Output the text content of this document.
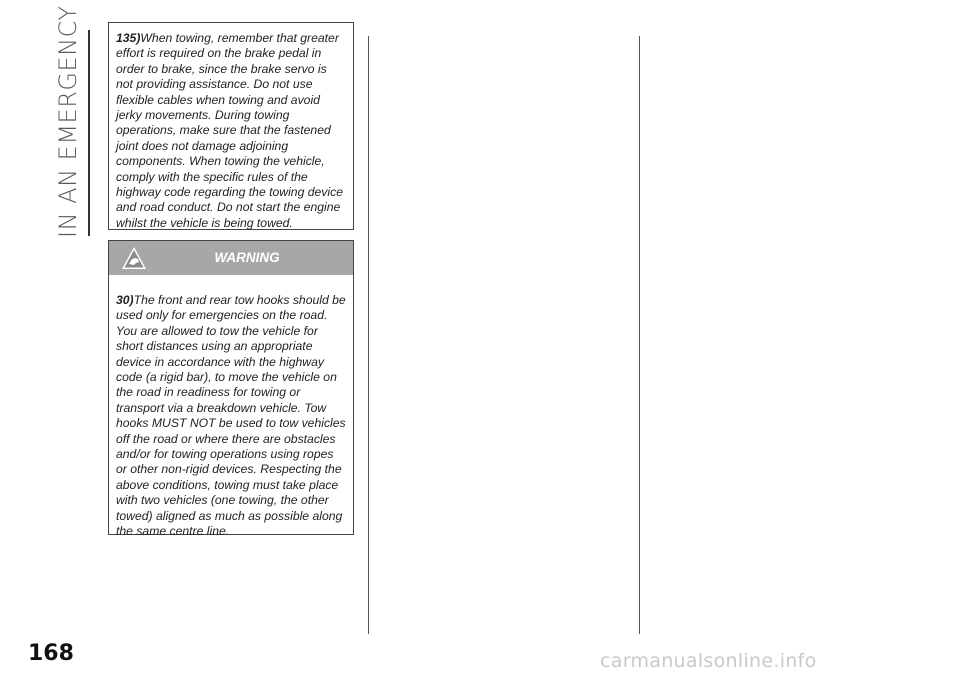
IN AN EMERGENCY	135)When towing, remember that greater effort is required on the brake pedal in order to brake, since the brake servo is not providing assistance. Do not use flexible cables when towing and avoid jerky movements. During towing operations, make sure that the fastened joint does not damage adjoining components. When towing the vehicle, comply with the specific rules of the highway code regarding the towing device and road conduct. Do not start the engine whilst the vehicle is being towed.
WARNING
30)The front and rear tow hooks should be used only for emergencies on the road. You are allowed to tow the vehicle for short distances using an appropriate device in accordance with the highway code (a rigid bar), to move the vehicle on the road in readiness for towing or transport via a breakdown vehicle. Tow hooks MUST NOT be used to tow vehicles off the road or where there are obstacles and/or for towing operations using ropes or other non-rigid devices. Respecting the above conditions, towing must take place with two vehicles (one towing, the other towed) aligned as much as possible along the same centre line.
168	carmanualsonline.info
